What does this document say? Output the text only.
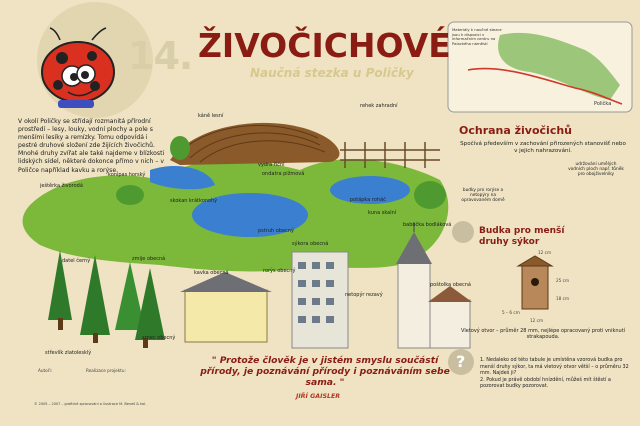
14. ŽIVOČICHOVÉ
Naučná stezka u Poličky
V okolí Poličky se střídají rozmanitá přírodní prostředí – lesy, louky, vodní plochy a pole s menšími lesíky a remízky. Tomu odpovídá i pestré druhové složení zde žijících živočichů. Mnohé druhy zvířat ale také najdeme v blízkosti lidských sídel, některé dokonce přímo v nich – v Poličce například kavku a rorýse.
káně lesní
rehek zahradní
ještěrka živorodá
konipas horský
vydra říční
ondatra pižmová
skokan krátkonohý	potápka roháč
pstruh obecný
kuna skalní
babočka bodláková
zmije obecná
sýkora obecná
datel černý
kavka obecná	rorýs obecný
netopýr rezavý
poštolka obecná
srnec obecný
střevlík zlatolesklý
Materiály k naučné stezce jsou k dispozici v informačním centru na Palackého náměstí
Polička
Ochrana živočichů
Spočívá především v zachování přirozených stanovišť nebo v jejich nahrazování.
budky pro rorýse a netopýry na opravovaném domě
udržování umělých vodních ploch např. tůněk pro obojživelníky
Budka pro menší
druhy sýkor
12 cm
25 cm
18 cm
5 – 6 cm
12 cm
Vletový otvor – průměr 28 mm, nejlépe opracovaný proti vniknutí strakapouda.
" Protože člověk je v jistém smyslu součástí přírody, je poznávání přírody i poznáváním sebe sama. "
JIŘÍ GAISLER
?	1. Nedaleko od této tabule je umístěna vzorová budka pro menší druhy sýkor, ta má vletový otvor větší – o průměru 32 mm. Najdeš ji?
2. Pokud je právě období hnízdění, můžeš mít štěstí a pozorovat budky pozorovat.
Autoři:	Realizace projektu:
© 2005 – 2007 – grafické zpracování a ilustrace M. Beneš & kol.
